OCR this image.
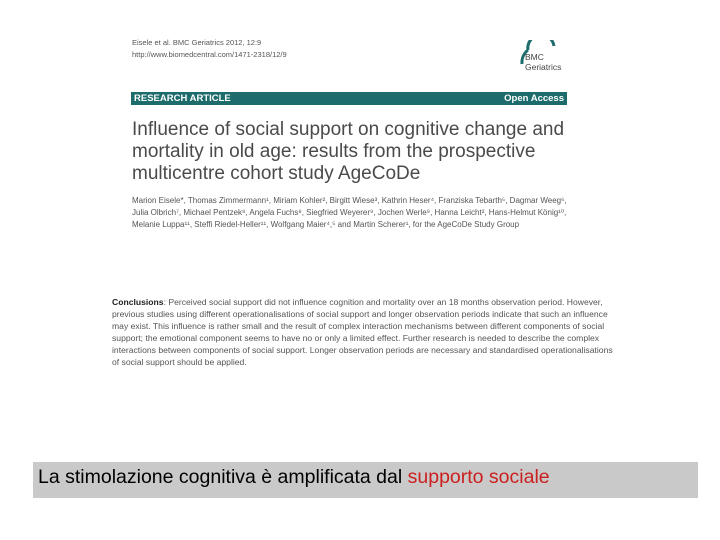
Eisele et al. BMC Geriatrics 2012, 12:9
http://www.biomedcentral.com/1471-2318/12/9	BMC
Geriatrics
RESEARCH ARTICLE	Open Access
Influence of social support on cognitive change and mortality in old age: results from the prospective multicentre cohort study AgeCoDe
Marion Eisele*, Thomas Zimmermann¹, Miriam Kohler², Birgitt Wiese³, Kathrin Heser⁴, Franziska Tebarth⁵, Dagmar Weeg⁶, Julia Olbrich⁷, Michael Pentzek⁸, Angela Fuchs⁸, Siegfried Weyerer⁹, Jochen Werle⁹, Hanna Leicht², Hans-Helmut König¹⁰, Melanie Luppa¹¹, Steffi Riedel-Heller¹¹, Wolfgang Maier⁴,⁵ and Martin Scherer¹, for the AgeCoDe Study Group
Conclusions: Perceived social support did not influence cognition and mortality over an 18 months observation period. However, previous studies using different operationalisations of social support and longer observation periods indicate that such an influence may exist. This influence is rather small and the result of complex interaction mechanisms between different components of social support; the emotional component seems to have no or only a limited effect. Further research is needed to describe the complex interactions between components of social support. Longer observation periods are necessary and standardised operationalisations of social support should be applied.
La stimolazione cognitiva è amplificata dal supporto sociale
